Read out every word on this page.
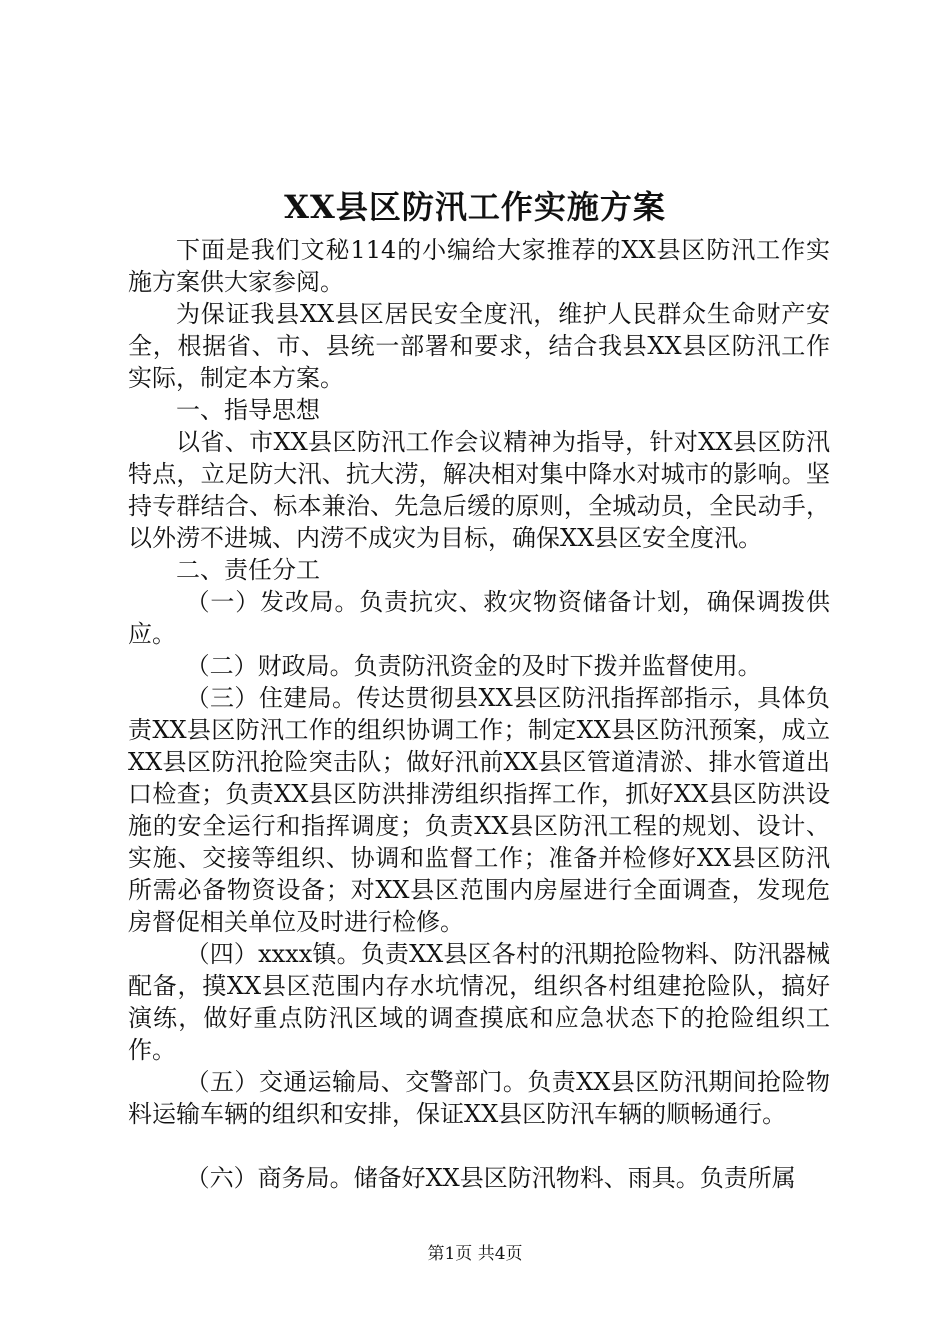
XX县区防汛工作实施方案

下面是我们文秘114的小编给大家推荐的XX县区防汛工作实施方案供大家参阅。

为保证我县XX县区居民安全度汛，维护人民群众生命财产安全，根据省、市、县统一部署和要求，结合我县XX县区防汛工作实际，制定本方案。

一、指导思想

以省、市XX县区防汛工作会议精神为指导，针对XX县区防汛特点，立足防大汛、抗大涝，解决相对集中降水对城市的影响。坚持专群结合、标本兼治、先急后缓的原则，全城动员，全民动手，以外涝不进城、内涝不成灾为目标，确保XX县区安全度汛。

二、责任分工

（一）发改局。负责抗灾、救灾物资储备计划，确保调拨供应。

（二）财政局。负责防汛资金的及时下拨并监督使用。

（三）住建局。传达贯彻县XX县区防汛指挥部指示，具体负责XX县区防汛工作的组织协调工作；制定XX县区防汛预案，成立XX县区防汛抢险突击队；做好汛前XX县区管道清淤、排水管道出口检查；负责XX县区防洪排涝组织指挥工作，抓好XX县区防洪设施的安全运行和指挥调度；负责XX县区防汛工程的规划、设计、实施、交接等组织、协调和监督工作；准备并检修好XX县区防汛所需必备物资设备；对XX县区范围内房屋进行全面调查，发现危房督促相关单位及时进行检修。

（四）xxxx镇。负责XX县区各村的汛期抢险物料、防汛器械配备，摸XX县区范围内存水坑情况，组织各村组建抢险队，搞好演练，做好重点防汛区域的调查摸底和应急状态下的抢险组织工作。

（五）交通运输局、交警部门。负责XX县区防汛期间抢险物料运输车辆的组织和安排，保证XX县区防汛车辆的顺畅通行。

（六）商务局。储备好XX县区防汛物料、雨具。负责所属

第1页 共4页
